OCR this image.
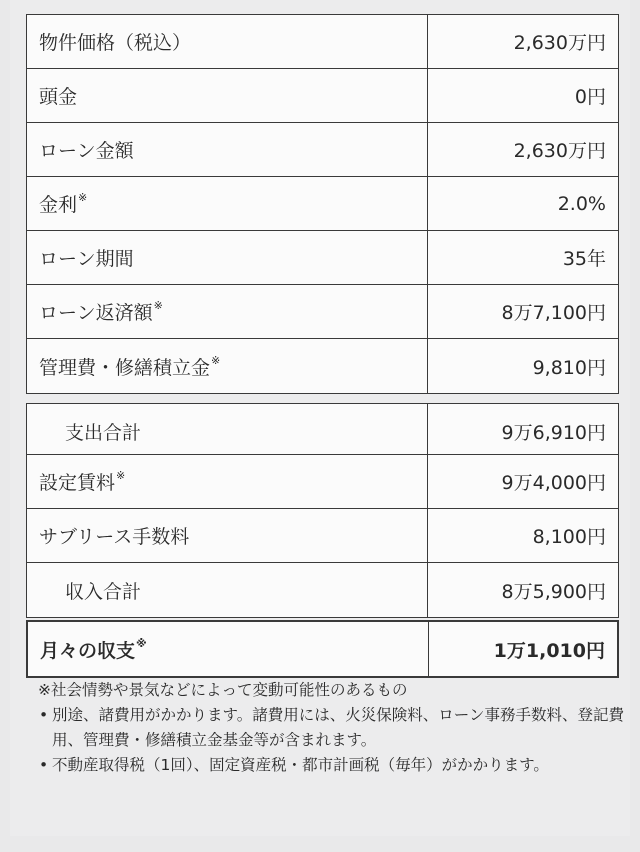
物件価格（税込）	2,630万円
頭金	0円
ローン金額	2,630万円
金利※	2.0%
ローン期間	35年
ローン返済額※	8万7,100円
管理費・修繕積立金※	9,810円
支出合計	9万6,910円
設定賃料※	9万4,000円
サブリース手数料	8,100円
収入合計	8万5,900円
月々の収支※	1万1,010円
※社会情勢や景気などによって変動可能性のあるもの
• 別途、諸費用がかかります。諸費用には、火災保険料、ローン事務手数料、登記費用、管理費・修繕積立金基金等が含まれます。
• 不動産取得税（1回）、固定資産税・都市計画税（毎年）がかかります。
